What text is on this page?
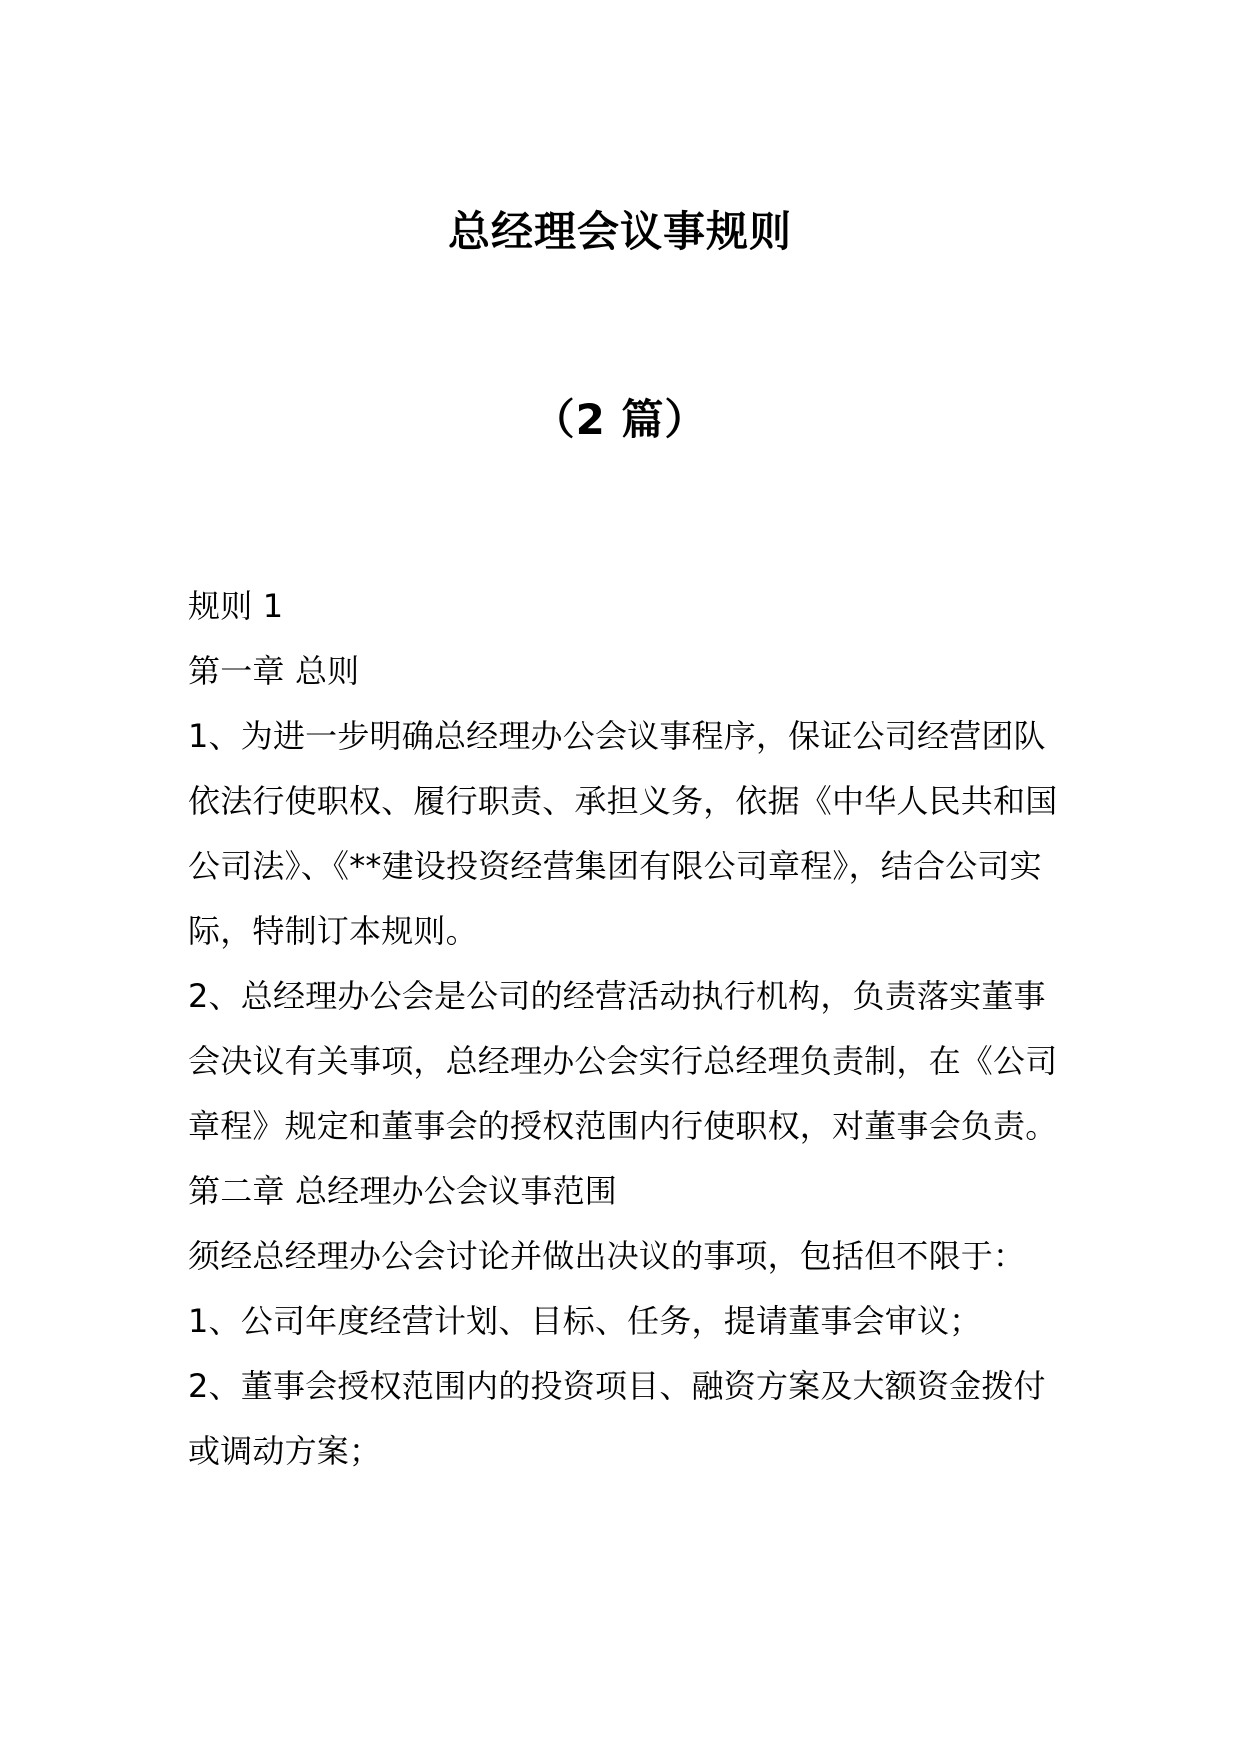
总经理会议事规则
（2 篇）

规则 1

第一章 总则

1、为进一步明确总经理办公会议事程序，保证公司经营团队依法行使职权、履行职责、承担义务，依据《中华人民共和国公司法》、《**建设投资经营集团有限公司章程》，结合公司实际，特制订本规则。

2、总经理办公会是公司的经营活动执行机构，负责落实董事会决议有关事项，总经理办公会实行总经理负责制，在《公司章程》规定和董事会的授权范围内行使职权，对董事会负责。

第二章 总经理办公会议事范围

须经总经理办公会讨论并做出决议的事项，包括但不限于：

1、公司年度经营计划、目标、任务，提请董事会审议；

2、董事会授权范围内的投资项目、融资方案及大额资金拨付或调动方案；
